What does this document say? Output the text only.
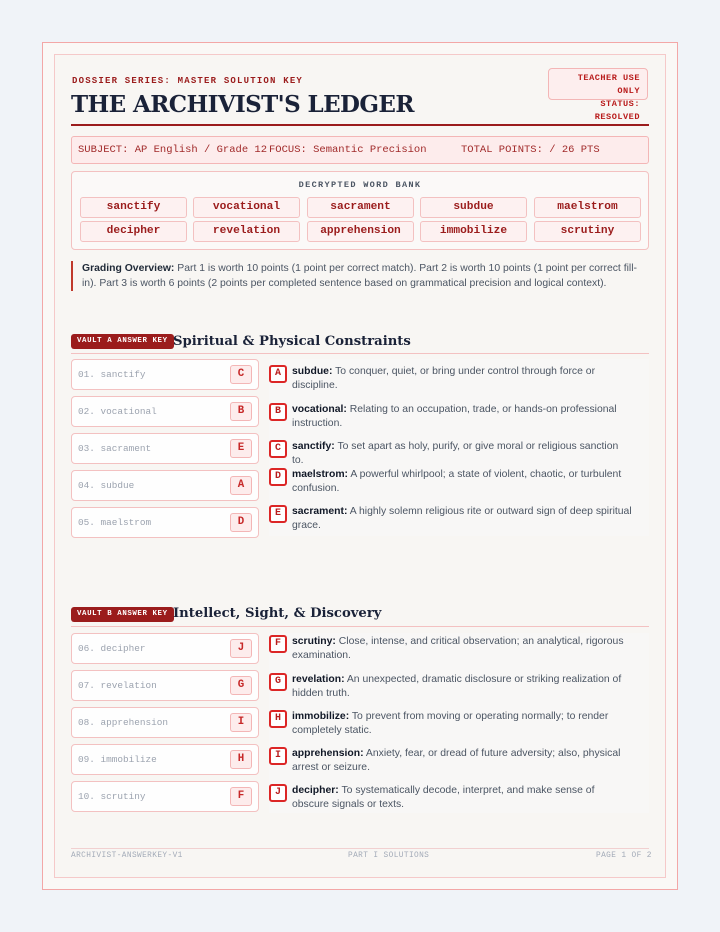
DOSSIER SERIES: MASTER SOLUTION KEY	TEACHER USE ONLY
STATUS: RESOLVED
THE ARCHIVIST'S LEDGER
SUBJECT: AP English / Grade 12 FOCUS: Semantic Precision	TOTAL POINTS: / 26 PTS
DECRYPTED WORD BANK
sanctify	vocational	sacrament	subdue	maelstrom
decipher	revelation	apprehension	immobilize	scrutiny
Grading Overview: Part 1 is worth 10 points (1 point per correct match). Part 2 is worth 10 points (1 point per correct fill-in). Part 3 is worth 6 points (2 points per completed sentence based on grammatical precision and logical context).
VAULT A ANSWER KEY Spiritual & Physical Constraints
01. sanctify	C
02. vocational	B
03. sacrament	E
04. subdue	A
05. maelstrom	D
A	subdue: To conquer, quiet, or bring under control through force or discipline.
B	vocational: Relating to an occupation, trade, or hands-on professional instruction.
C	sanctify: To set apart as holy, purify, or give moral or religious sanction to.
D	maelstrom: A powerful whirlpool; a state of violent, chaotic, or turbulent confusion.
E	sacrament: A highly solemn religious rite or outward sign of deep spiritual grace.
VAULT B ANSWER KEY Intellect, Sight, & Discovery
06. decipher	J
07. revelation	G
08. apprehension	I
09. immobilize	H
10. scrutiny	F
F	scrutiny: Close, intense, and critical observation; an analytical, rigorous examination.
G	revelation: An unexpected, dramatic disclosure or striking realization of hidden truth.
H	immobilize: To prevent from moving or operating normally; to render completely static.
I	apprehension: Anxiety, fear, or dread of future adversity; also, physical arrest or seizure.
J	decipher: To systematically decode, interpret, and make sense of obscure signals or texts.
ARCHIVIST-ANSWERKEY-V1	PART I SOLUTIONS	PAGE 1 OF 2
